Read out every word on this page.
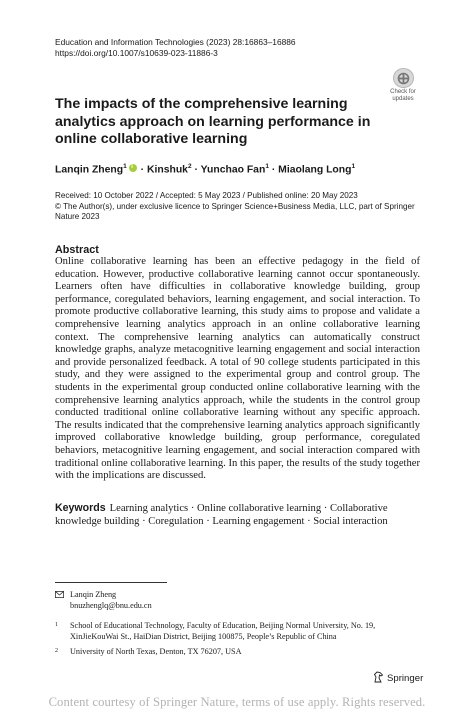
Education and Information Technologies (2023) 28:16863–16886
https://doi.org/10.1007/s10639-023-11886-3
Check for
updates
The impacts of the comprehensive learning analytics approach on learning performance in online collaborative learning
Lanqin Zheng$^1$ i · Kinshuk$^2$ · Yunchao Fan$^1$ · Miaolang Long$^1$
Received: 10 October 2022 / Accepted: 5 May 2023 / Published online: 20 May 2023
© The Author(s), under exclusive licence to Springer Science+Business Media, LLC, part of Springer Nature 2023
Abstract
Online collaborative learning has been an effective pedagogy in the field of education. However, productive collaborative learning cannot occur spontaneously. Learners often have difficulties in collaborative knowledge building, group performance, coregulated behaviors, learning engagement, and social interaction. To promote productive collaborative learning, this study aims to propose and validate a comprehensive learning analytics approach in an online collaborative learning context. The comprehensive learning analytics can automatically construct knowledge graphs, analyze metacognitive learning engagement and social interaction and provide personalized feedback. A total of 90 college students participated in this study, and they were assigned to the experimental group and control group. The students in the experimental group conducted online collaborative learning with the comprehensive learning analytics approach, while the students in the control group conducted traditional online collaborative learning without any specific approach. The results indicated that the comprehensive learning analytics approach significantly improved collaborative knowledge building, group performance, coregulated behaviors, metacognitive learning engagement, and social interaction compared with traditional online collaborative learning. In this paper, the results of the study together with the implications are discussed.
Keywords Learning analytics · Online collaborative learning · Collaborative knowledge building · Coregulation · Learning engagement · Social interaction
Lanqin Zheng
bnuzhenglq@bnu.edu.cn
1 School of Educational Technology, Faculty of Education, Beijing Normal University, No. 19,
XinJieKouWai St., HaiDian District, Beijing 100875, People’s Republic of China
2 University of North Texas, Denton, TX 76207, USA
Springer
Content courtesy of Springer Nature, terms of use apply. Rights reserved.
